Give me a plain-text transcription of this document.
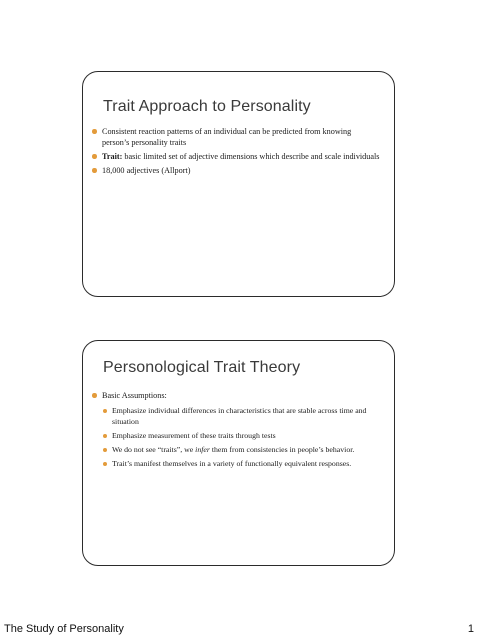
Trait Approach to Personality
Consistent reaction patterns of an individual can be predicted from knowing person’s personality traits
Trait: basic limited set of adjective dimensions which describe and scale individuals
18,000 adjectives (Allport)
Personological Trait Theory
Basic Assumptions:
Emphasize individual differences in characteristics that are stable across time and situation
Emphasize measurement of these traits through tests
We do not see “traits”, we infer them from consistencies in people’s behavior.
Trait’s manifest themselves in a variety of functionally equivalent responses.
The Study of Personality	1
